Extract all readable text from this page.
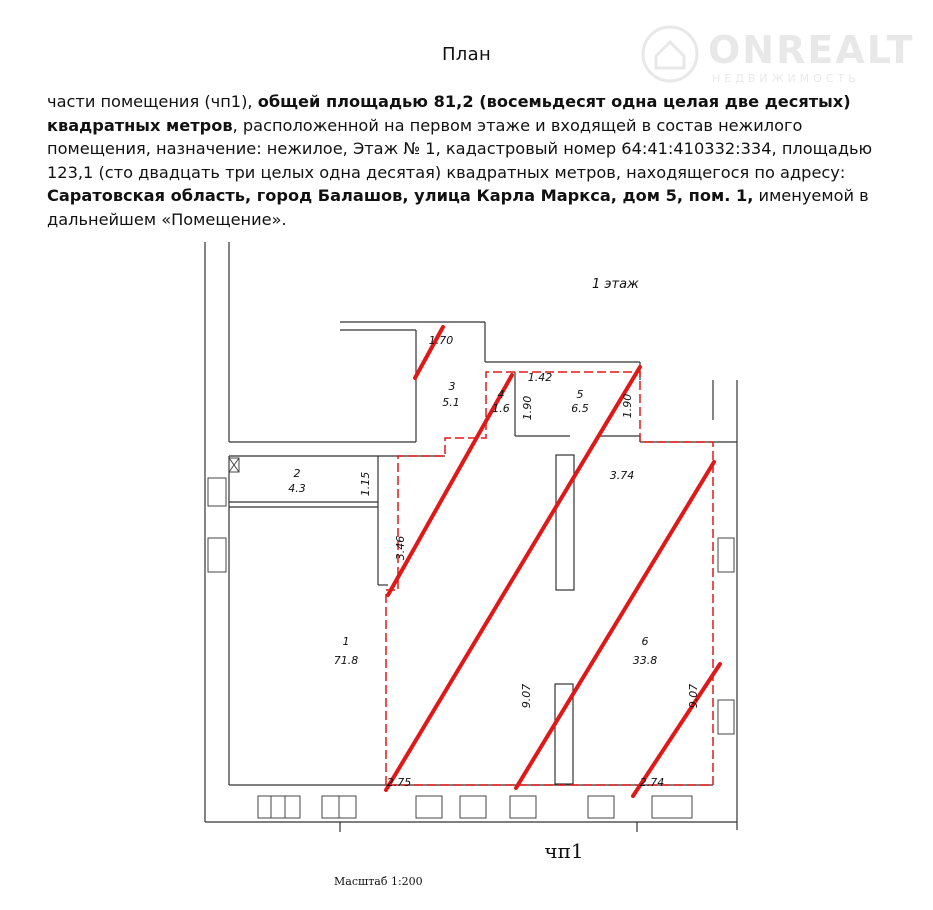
План	ONREALT
НЕДВИЖИМОСТЬ
части помещения (чп1), общей площадью 81,2 (восемьдесят одна целая две десятых)
квадратных метров, расположенной на первом этаже и входящей в состав нежилого
помещения, назначение: нежилое, Этаж № 1, кадастровый номер 64:41:410332:334, площадью
123,1 (сто двадцать три целых одна десятая) квадратных метров, находящегося по адресу:
Саратовская область, город Балашов, улица Карла Маркса, дом 5, пом. 1, именуемой в
дальнейшем «Помещение».
1 этаж
1
71.8
2
4.3
3
5.1
4
1.6
5
6.5
6
33.8
1.70
1.42
1.90	1.90
1.15	3.74
3.46
9.07	9.07
2.75	2.74
чп1
Масштаб 1:200
